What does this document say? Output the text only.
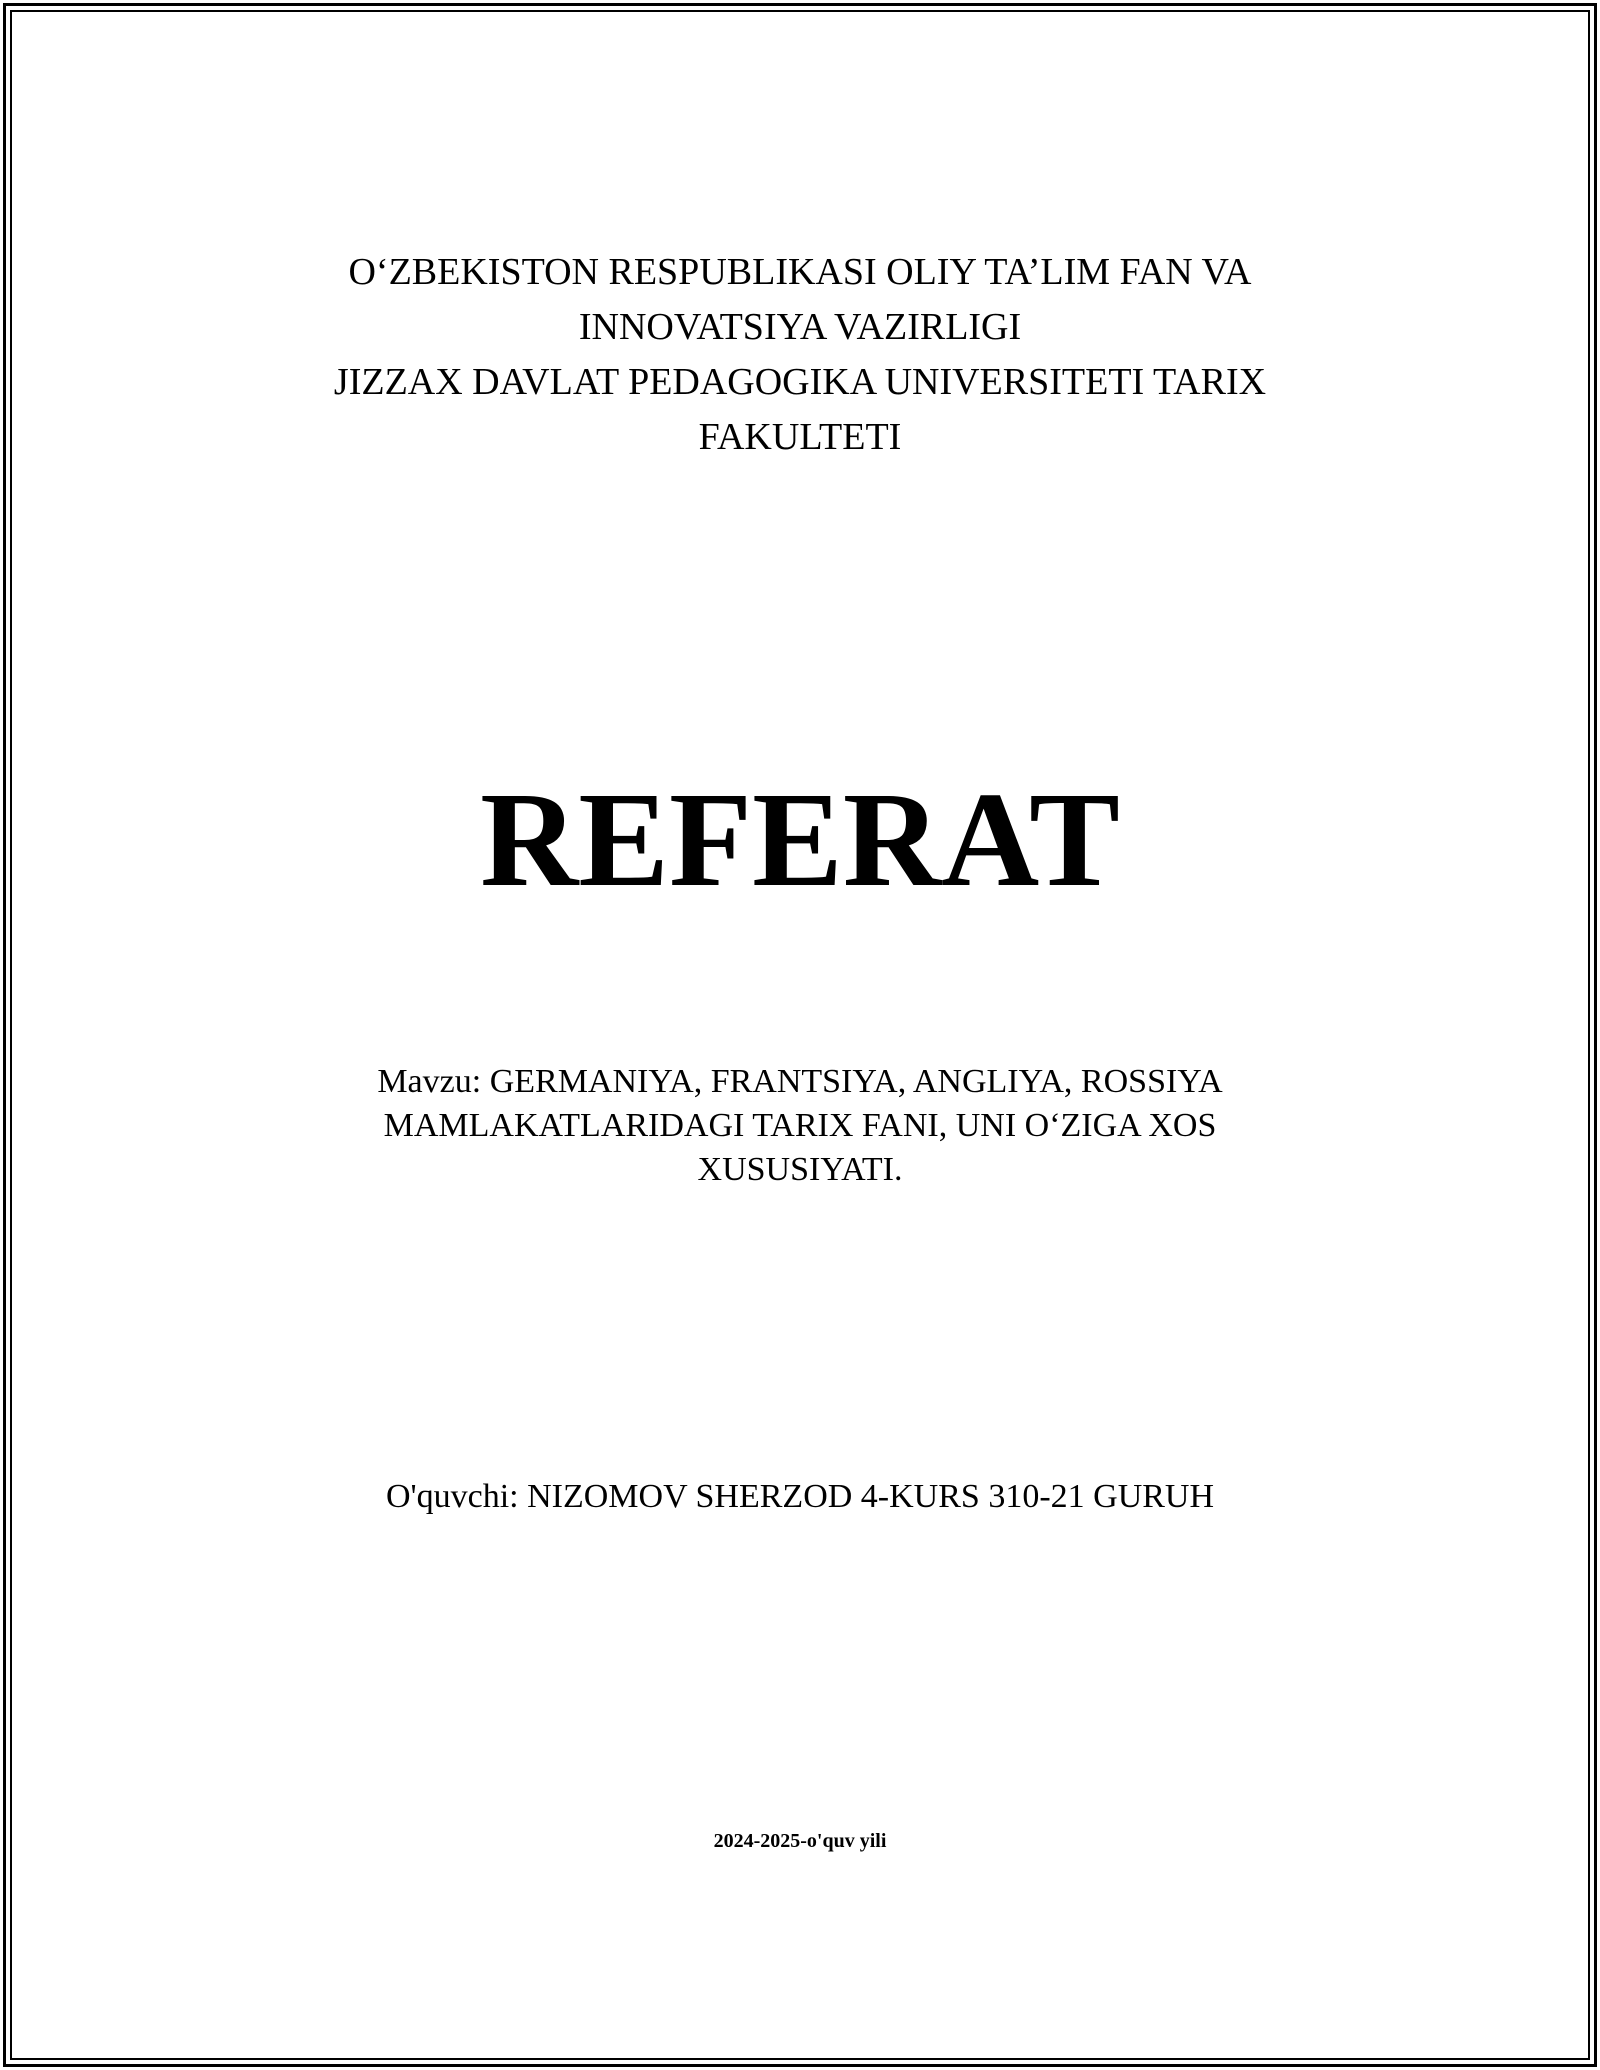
O‘ZBEKISTON RESPUBLIKASI OLIY TA’LIM FAN VA
INNOVATSIYA VAZIRLIGI
JIZZAX DAVLAT PEDAGOGIKA UNIVERSITETI TARIX
FAKULTETI
REFERAT
Mavzu: GERMANIYA, FRANTSIYA, ANGLIYA, ROSSIYA
MAMLAKATLARIDAGI TARIX FANI, UNI O‘ZIGA XOS
XUSUSIYATI.
O'quvchi: NIZOMOV SHERZOD 4-KURS 310-21 GURUH
2024-2025-o'quv yili
